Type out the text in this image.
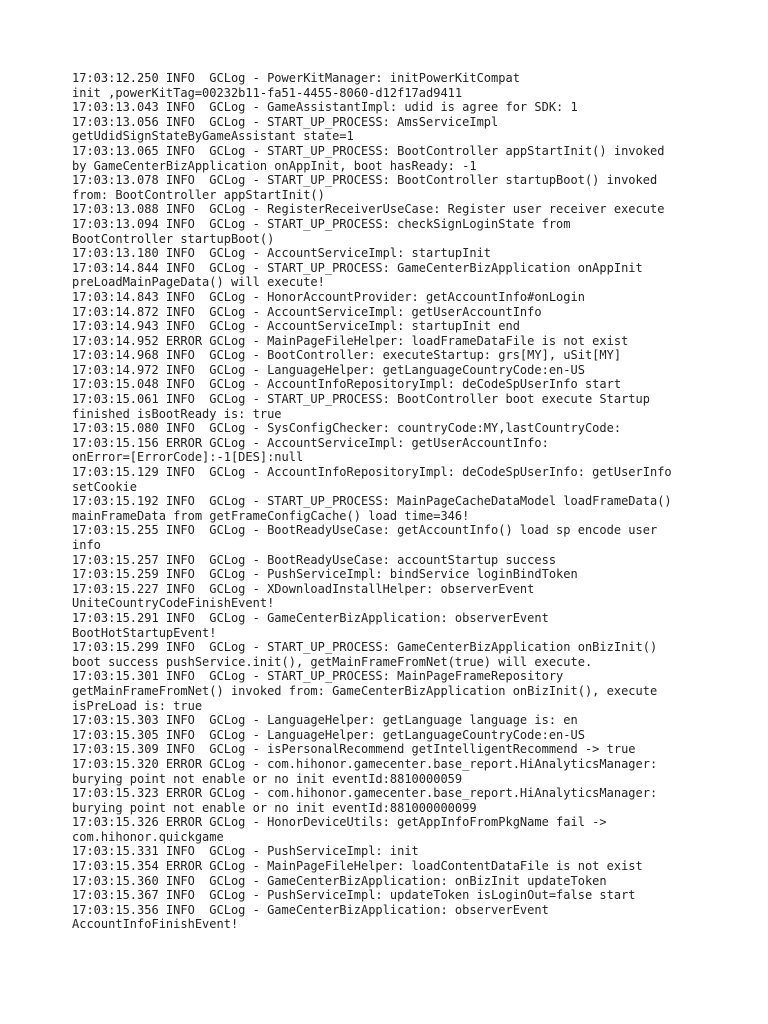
17:03:12.250 INFO  GCLog - PowerKitManager: initPowerKitCompat
init ,powerKitTag=00232b11-fa51-4455-8060-d12f17ad9411
17:03:13.043 INFO  GCLog - GameAssistantImpl: udid is agree for SDK: 1
17:03:13.056 INFO  GCLog - START_UP_PROCESS: AmsServiceImpl
getUdidSignStateByGameAssistant state=1
17:03:13.065 INFO  GCLog - START_UP_PROCESS: BootController appStartInit() invoked
by GameCenterBizApplication onAppInit, boot hasReady: -1
17:03:13.078 INFO  GCLog - START_UP_PROCESS: BootController startupBoot() invoked
from: BootController appStartInit()
17:03:13.088 INFO  GCLog - RegisterReceiverUseCase: Register user receiver execute
17:03:13.094 INFO  GCLog - START_UP_PROCESS: checkSignLoginState from
BootController startupBoot()
17:03:13.180 INFO  GCLog - AccountServiceImpl: startupInit
17:03:14.844 INFO  GCLog - START_UP_PROCESS: GameCenterBizApplication onAppInit
preLoadMainPageData() will execute!
17:03:14.843 INFO  GCLog - HonorAccountProvider: getAccountInfo#onLogin
17:03:14.872 INFO  GCLog - AccountServiceImpl: getUserAccountInfo
17:03:14.943 INFO  GCLog - AccountServiceImpl: startupInit end
17:03:14.952 ERROR GCLog - MainPageFileHelper: loadFrameDataFile is not exist
17:03:14.968 INFO  GCLog - BootController: executeStartup: grs[MY], uSit[MY]
17:03:14.972 INFO  GCLog - LanguageHelper: getLanguageCountryCode:en-US
17:03:15.048 INFO  GCLog - AccountInfoRepositoryImpl: deCodeSpUserInfo start
17:03:15.061 INFO  GCLog - START_UP_PROCESS: BootController boot execute Startup
finished isBootReady is: true
17:03:15.080 INFO  GCLog - SysConfigChecker: countryCode:MY,lastCountryCode:
17:03:15.156 ERROR GCLog - AccountServiceImpl: getUserAccountInfo:
onError=[ErrorCode]:-1[DES]:null
17:03:15.129 INFO  GCLog - AccountInfoRepositoryImpl: deCodeSpUserInfo: getUserInfo
setCookie
17:03:15.192 INFO  GCLog - START_UP_PROCESS: MainPageCacheDataModel loadFrameData()
mainFrameData from getFrameConfigCache() load time=346!
17:03:15.255 INFO  GCLog - BootReadyUseCase: getAccountInfo() load sp encode user
info
17:03:15.257 INFO  GCLog - BootReadyUseCase: accountStartup success
17:03:15.259 INFO  GCLog - PushServiceImpl: bindService loginBindToken
17:03:15.227 INFO  GCLog - XDownloadInstallHelper: observerEvent
UniteCountryCodeFinishEvent!
17:03:15.291 INFO  GCLog - GameCenterBizApplication: observerEvent
BootHotStartupEvent!
17:03:15.299 INFO  GCLog - START_UP_PROCESS: GameCenterBizApplication onBizInit()
boot success pushService.init(), getMainFrameFromNet(true) will execute.
17:03:15.301 INFO  GCLog - START_UP_PROCESS: MainPageFrameRepository
getMainFrameFromNet() invoked from: GameCenterBizApplication onBizInit(), execute
isPreLoad is: true
17:03:15.303 INFO  GCLog - LanguageHelper: getLanguage language is: en
17:03:15.305 INFO  GCLog - LanguageHelper: getLanguageCountryCode:en-US
17:03:15.309 INFO  GCLog - isPersonalRecommend getIntelligentRecommend -> true
17:03:15.320 ERROR GCLog - com.hihonor.gamecenter.base_report.HiAnalyticsManager:
burying point not enable or no init eventId:8810000059
17:03:15.323 ERROR GCLog - com.hihonor.gamecenter.base_report.HiAnalyticsManager:
burying point not enable or no init eventId:881000000099
17:03:15.326 ERROR GCLog - HonorDeviceUtils: getAppInfoFromPkgName fail ->
com.hihonor.quickgame
17:03:15.331 INFO  GCLog - PushServiceImpl: init
17:03:15.354 ERROR GCLog - MainPageFileHelper: loadContentDataFile is not exist
17:03:15.360 INFO  GCLog - GameCenterBizApplication: onBizInit updateToken
17:03:15.367 INFO  GCLog - PushServiceImpl: updateToken isLoginOut=false start
17:03:15.356 INFO  GCLog - GameCenterBizApplication: observerEvent
AccountInfoFinishEvent!
